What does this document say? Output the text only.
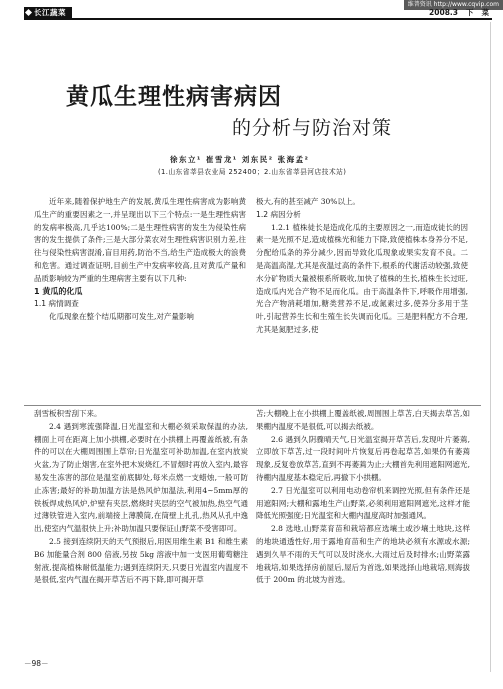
维普资讯 http://www.cqvip.com
长江蔬菜	2008.3 下 菜
黄瓜生理性病害病因
的分析与防治对策
徐东立¹ 崔雪龙¹ 刘东民² 张海孟²
(1.山东省莘县农业局 252400；2.山东省莘县河店技术站)

近年来,随着保护地生产的发展,黄瓜生理性病害成为影响黄瓜生产的重要因素之一,并呈现出以下三个特点:一是生理性病害的发病率极高,几乎达100%;二是生理性病害的发生为侵染性病害的发生提供了条件;三是大部分菜农对生理性病害识别力差,往往与侵染性病害混淆,盲目用药,防治不当,给生产造成极大的浪费和危害。通过调查证明,目前生产中发病率较高,且对黄瓜产量和品质影响较为严重的生理病害主要有以下几种:

1 黄瓜的化瓜

1.1 病情调查

化瓜现象在整个结瓜期都可发生,对产量影响

极大,有的甚至减产 30%以上。

1.2 病因分析

1.2.1 植株徒长是造成化瓜的主要原因之一,而造成徒长的因素一是光照不足,造成植株光和能力下降,致使植株本身养分不足,分配给瓜条的养分减少,因而导致化瓜现象或果实发育不良。二是高温高湿,尤其是夜温过高的条件下,根系的代谢活动较强,致使水分矿物质大量被根系所吸收,加快了植株的生长,植株生长过旺,造成瓜内光合产物不足而化瓜。由于高温条件下,呼吸作用增强,光合产物消耗增加,糖类营养不足,或氮素过多,使养分多用于茎叶,引起营养生长和生殖生长失调而化瓜。三是肥料配方不合理,尤其是氮肥过多,使

刮雪板积雪刮下来。

2.4 遇到寒流强降温,日光温室和大棚必须采取保温的办法,棚面上可在距离上加小拱棚,必要时在小拱棚上再覆盖纸被,有条件的可以在大棚周围围上草帘;日光温室可补助加温,在室内放炭火盆,为了防止烟害,在室外把木炭烧红,不冒烟时再放入室内,最容易发生冻害的部位是温室前底脚处,每米点燃一支蜡烛,一般可防止冻害;最好的补助加温方法是热风炉加温法,利用4~5mm厚的铁板焊成热风炉,炉壁有夹层,燃烧时夹层的空气被加热,热空气通过薄铁管进入室内,前端接上薄膜筒,在筒壁上扎孔,热风从孔中逸出,使室内气温很快上升;补助加温只要保证山野菜不受害即可。

2.5 接到连续阴天的天气预报后,用医用维生素 B1 和维生素 B6 加能量合剂 800 倍液,另按 5kg 溶液中加一支医用葡萄糖注射液,提高植株耐低温能力;遇到连续阴天,只要日光温室内温度不是很低,室内气温在揭开草苫后不再下降,即可揭开草

苫;大棚晚上在小拱棚上覆盖纸被,周围围上草苫,白天揭去草苫,如果棚内温度不是很低,可以揭去纸被。

2.6 遇到久阴骤晴天气,日光温室揭开草苫后,发现叶片萎蔫,立即放下草苫,过一段时间叶片恢复后再卷起草苫,如果仍有萎蔫现象,反复卷放草苫,直到不再萎蔫为止;大棚首先利用遮阳网遮光,待棚内温度基本稳定后,再撤下小拱棚。

2.7 日光温室可以利用电动卷帘机来调控光照,但有条件还是用遮阳网;大棚和露地生产山野菜,必须利用遮阳网遮光,这样才能降低光照强度;日光温室和大棚内温度高时加强通风。

2.8 选地,山野菜育苗和栽培都应选壤土或沙壤土地块,这样的地块通透性好,用于露地育苗和生产的地块必须有水源或水源;遇到久旱不雨的天气可以及时浇水,大雨过后及时排水;山野菜露地栽培,如果选择房前屋后,屋后为首选,如果选择山地栽培,则海拔低于 200m 的北坡为首选。

－98－
